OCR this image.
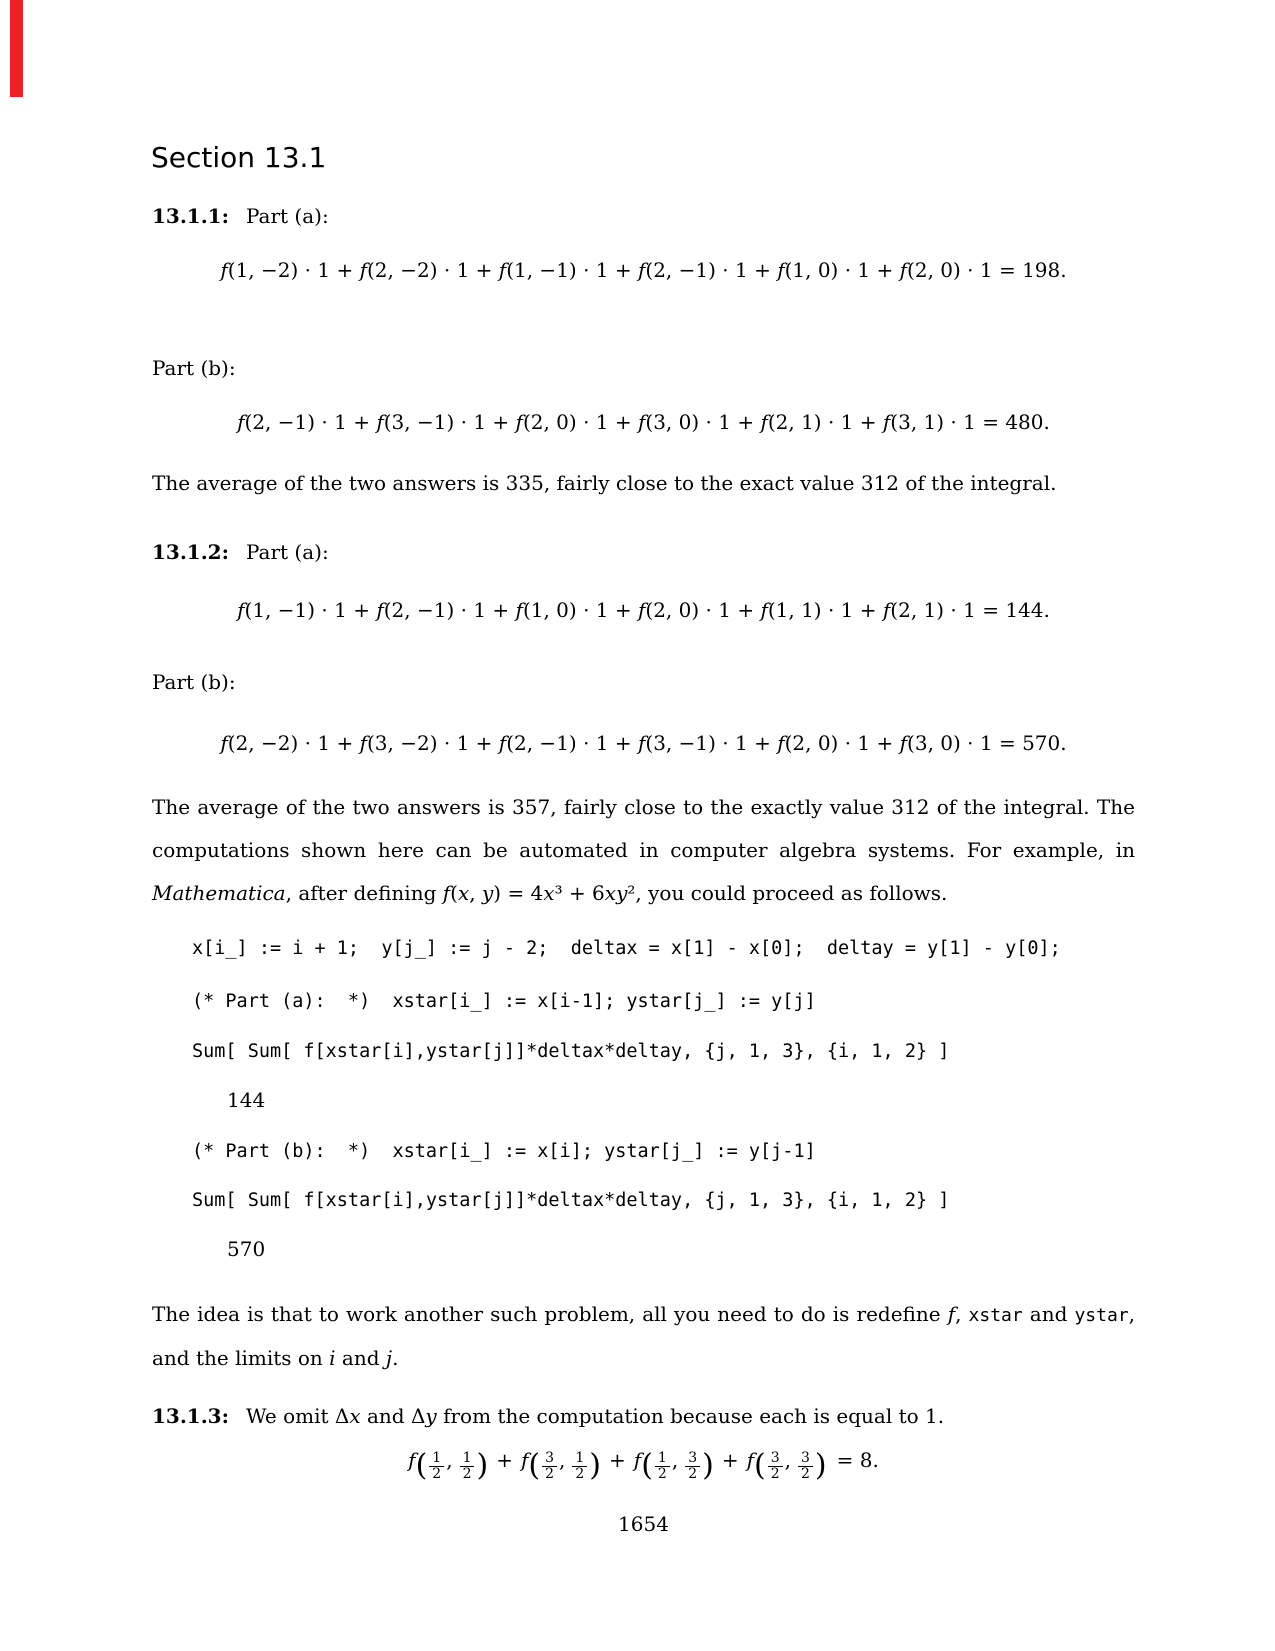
Section 13.1
13.1.1: Part (a):
f(1, −2) · 1 + f(2, −2) · 1 + f(1, −1) · 1 + f(2, −1) · 1 + f(1, 0) · 1 + f(2, 0) · 1 = 198.
Part (b):
f(2, −1) · 1 + f(3, −1) · 1 + f(2, 0) · 1 + f(3, 0) · 1 + f(2, 1) · 1 + f(3, 1) · 1 = 480.
The average of the two answers is 335, fairly close to the exact value 312 of the integral.
13.1.2: Part (a):
f(1, −1) · 1 + f(2, −1) · 1 + f(1, 0) · 1 + f(2, 0) · 1 + f(1, 1) · 1 + f(2, 1) · 1 = 144.
Part (b):
f(2, −2) · 1 + f(3, −2) · 1 + f(2, −1) · 1 + f(3, −1) · 1 + f(2, 0) · 1 + f(3, 0) · 1 = 570.
The average of the two answers is 357, fairly close to the exactly value 312 of the integral. The computations shown here can be automated in computer algebra systems. For example, in Mathematica, after defining f(x, y) = 4x³ + 6xy², you could proceed as follows.
x[i_] := i + 1;  y[j_] := j - 2;  deltax = x[1] - x[0];  deltay = y[1] - y[0];
(* Part (a):  *)  xstar[i_] := x[i-1]; ystar[j_] := y[j]
Sum[ Sum[ f[xstar[i],ystar[j]]*deltax*deltay, {j, 1, 3}, {i, 1, 2} ]
144
(* Part (b):  *)  xstar[i_] := x[i]; ystar[j_] := y[j-1]
Sum[ Sum[ f[xstar[i],ystar[j]]*deltax*deltay, {j, 1, 3}, {i, 1, 2} ]
570
The idea is that to work another such problem, all you need to do is redefine f, xstar and ystar, and the limits on i and j.
13.1.3: We omit Δx and Δy from the computation because each is equal to 1.
$f( \frac{1}{2}$ , $\frac{1}{2}$ ) + $f( \frac{3}{2}$ , $\frac{1}{2}$ ) + $f( \frac{1}{2}$ , $\frac{3}{2}$ ) + $f( \frac{3}{2}$ , $\frac{3}{2}$ ) = 8.
1654
